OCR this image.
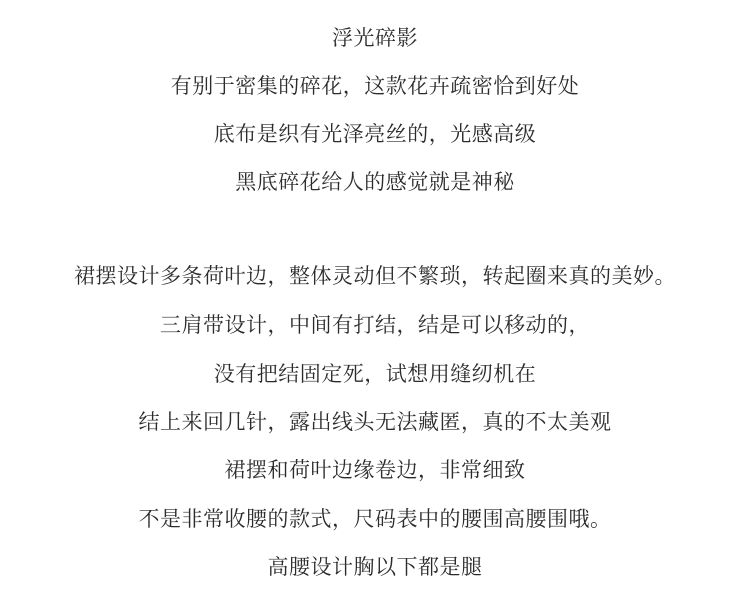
浮光碎影
有别于密集的碎花，这款花卉疏密恰到好处
底布是织有光泽亮丝的，光感高级
黑底碎花给人的感觉就是神秘
裙摆设计多条荷叶边，整体灵动但不繁琐，转起圈来真的美妙。
三肩带设计，中间有打结，结是可以移动的，
没有把结固定死，试想用缝纫机在
结上来回几针，露出线头无法藏匿，真的不太美观
裙摆和荷叶边缘卷边，非常细致
不是非常收腰的款式，尺码表中的腰围高腰围哦。
高腰设计胸以下都是腿
